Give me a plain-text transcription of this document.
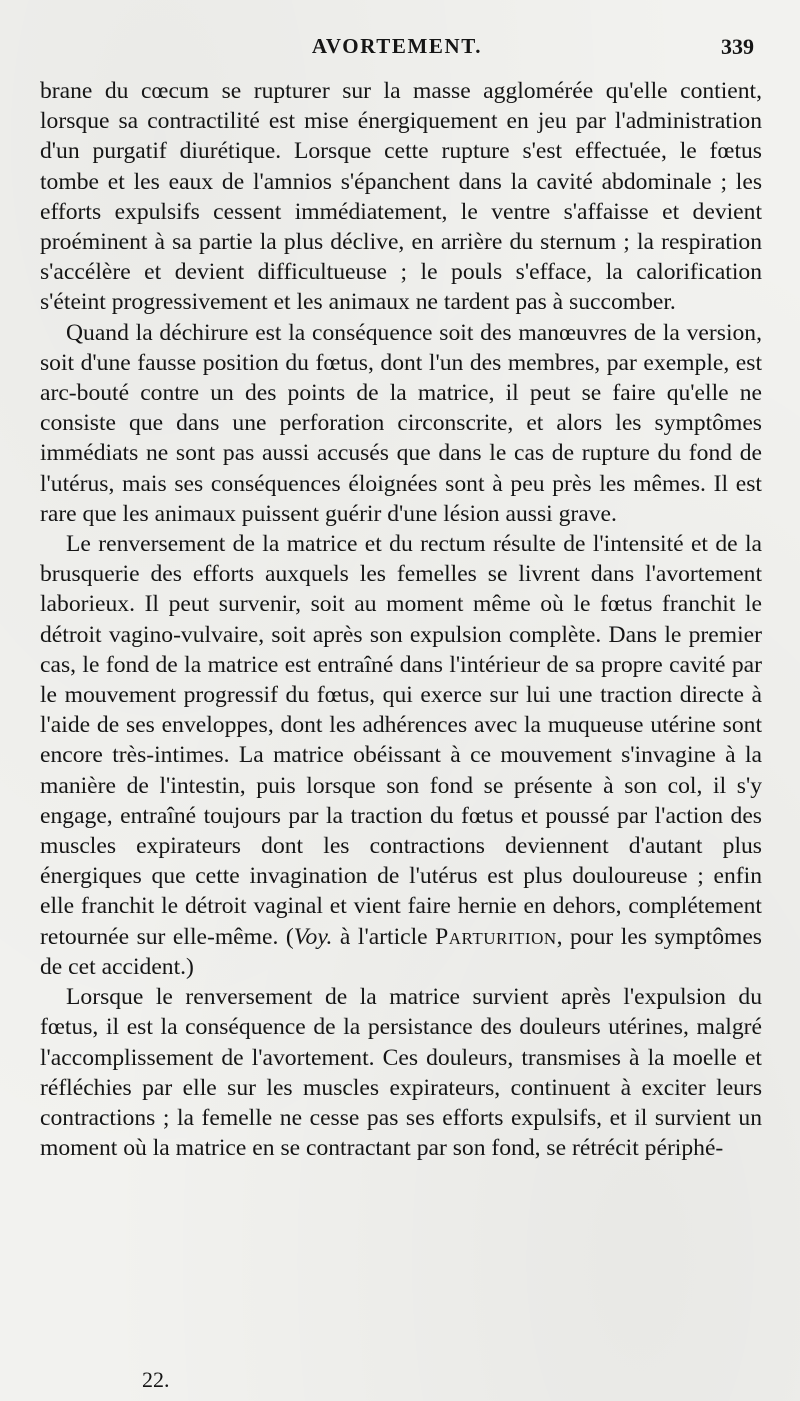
AVORTEMENT.	339

brane du cœcum se rupturer sur la masse agglomérée qu'elle contient, lorsque sa contractilité est mise énergiquement en jeu par l'administration d'un purgatif diurétique. Lorsque cette rupture s'est effectuée, le fœtus tombe et les eaux de l'amnios s'épanchent dans la cavité abdominale ; les efforts expulsifs cessent immédiatement, le ventre s'affaisse et devient proéminent à sa partie la plus déclive, en arrière du sternum ; la respiration s'accélère et devient difficultueuse ; le pouls s'efface, la calorification s'éteint progressivement et les animaux ne tardent pas à succomber.

Quand la déchirure est la conséquence soit des manœuvres de la version, soit d'une fausse position du fœtus, dont l'un des membres, par exemple, est arc-bouté contre un des points de la matrice, il peut se faire qu'elle ne consiste que dans une perforation circonscrite, et alors les symptômes immédiats ne sont pas aussi accusés que dans le cas de rupture du fond de l'utérus, mais ses conséquences éloignées sont à peu près les mêmes. Il est rare que les animaux puissent guérir d'une lésion aussi grave.

Le renversement de la matrice et du rectum résulte de l'intensité et de la brusquerie des efforts auxquels les femelles se livrent dans l'avortement laborieux. Il peut survenir, soit au moment même où le fœtus franchit le détroit vagino-vulvaire, soit après son expulsion complète. Dans le premier cas, le fond de la matrice est entraîné dans l'intérieur de sa propre cavité par le mouvement progressif du fœtus, qui exerce sur lui une traction directe à l'aide de ses enveloppes, dont les adhérences avec la muqueuse utérine sont encore très-intimes. La matrice obéissant à ce mouvement s'invagine à la manière de l'intestin, puis lorsque son fond se présente à son col, il s'y engage, entraîné toujours par la traction du fœtus et poussé par l'action des muscles expirateurs dont les contractions deviennent d'autant plus énergiques que cette invagination de l'utérus est plus douloureuse ; enfin elle franchit le détroit vaginal et vient faire hernie en dehors, complétement retournée sur elle-même. (Voy. à l'article Parturition, pour les symptômes de cet accident.)

Lorsque le renversement de la matrice survient après l'expulsion du fœtus, il est la conséquence de la persistance des douleurs utérines, malgré l'accomplissement de l'avortement. Ces douleurs, transmises à la moelle et réfléchies par elle sur les muscles expirateurs, continuent à exciter leurs contractions ; la femelle ne cesse pas ses efforts expulsifs, et il survient un moment où la matrice en se contractant par son fond, se rétrécit périphé-

22.
